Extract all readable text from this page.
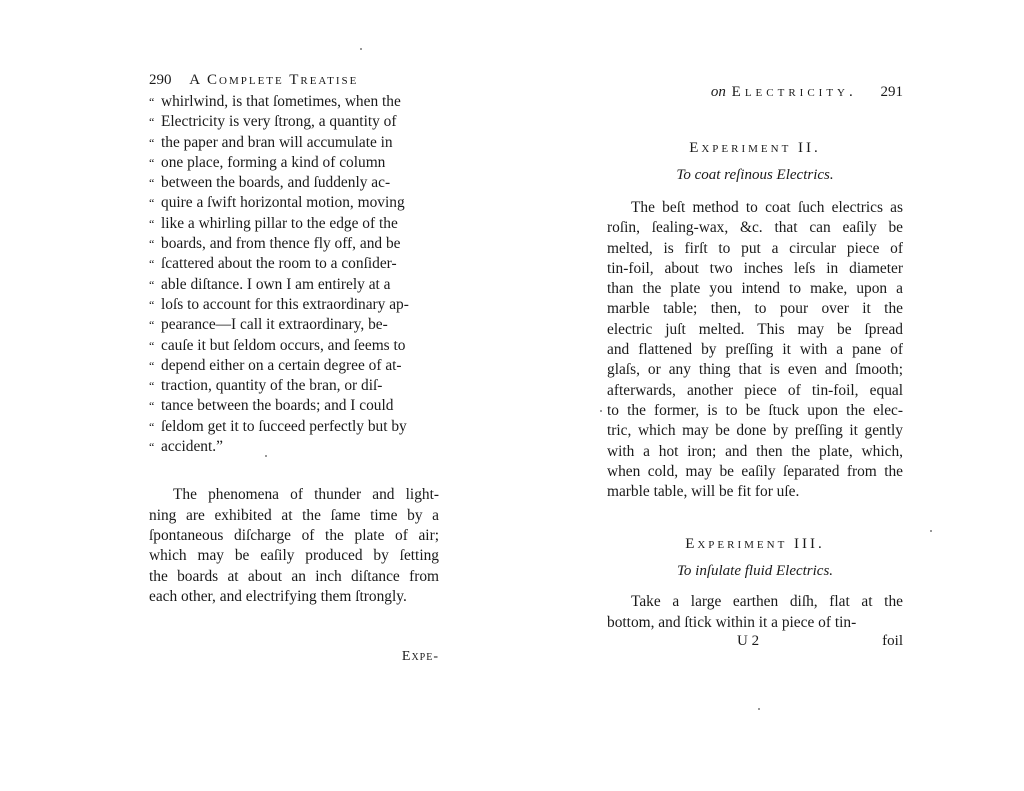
290 A Complete Treatise
“ whirlwind, is that ſometimes, when the
“ Electricity is very ſtrong, a quantity of
“ the paper and bran will accumulate in
“ one place, forming a kind of column
“ between the boards, and ſuddenly ac-
“ quire a ſwift horizontal motion, moving
“ like a whirling pillar to the edge of the
“ boards, and from thence fly off, and be
“ ſcattered about the room to a conſider-
“ able diſtance. I own I am entirely at a
“ loſs to account for this extraordinary ap-
“ pearance—I call it extraordinary, be-
“ cauſe it but ſeldom occurs, and ſeems to
“ depend either on a certain degree of at-
“ traction, quantity of the bran, or diſ-
“ tance between the boards; and I could
“ ſeldom get it to ſucceed perfectly but by
“ accident.”
The phenomena of thunder and light-
ning are exhibited at the ſame time by a
ſpontaneous diſcharge of the plate of air;
which may be eaſily produced by ſetting
the boards at about an inch diſtance from
each other, and electrifying them ſtrongly.
Expe-
on Electricity. 291
Experiment II.
To coat reſinous Electrics.
The beſt method to coat ſuch electrics as
roſin, ſealing-wax, &c. that can eaſily be
melted, is firſt to put a circular piece of
tin-foil, about two inches leſs in diameter
than the plate you intend to make, upon a
marble table; then, to pour over it the
electric juſt melted. This may be ſpread
and flattened by preſſing it with a pane of
glaſs, or any thing that is even and ſmooth;
afterwards, another piece of tin-foil, equal
to the former, is to be ſtuck upon the elec-
tric, which may be done by preſſing it gently
with a hot iron; and then the plate, which,
when cold, may be eaſily ſeparated from the
marble table, will be fit for uſe.
Experiment III.
To inſulate fluid Electrics.
Take a large earthen diſh, flat at the
bottom, and ſtick within it a piece of tin-
U 2	foil
